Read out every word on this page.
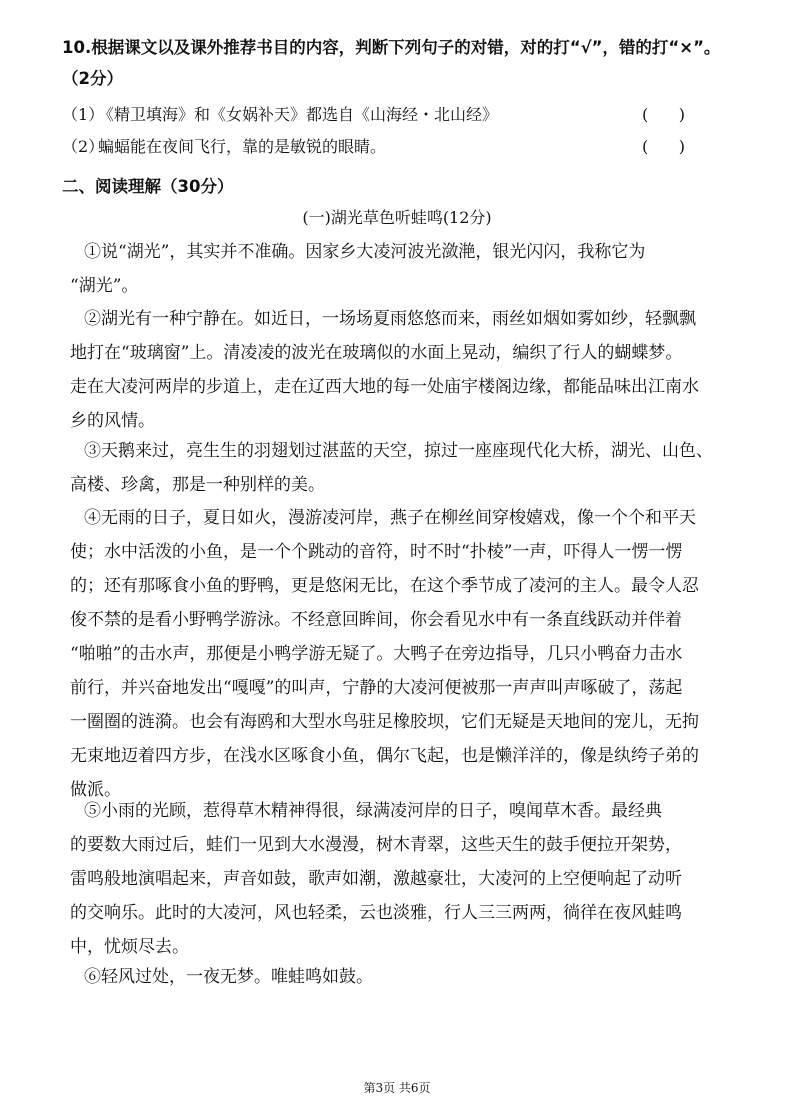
10.根据课文以及课外推荐书目的内容，判断下列句子的对错，对的打“√”，错的打“×”。
（2分）
（1）《精卫填海》和《女娲补天》都选自《山海经・北山经》	(      )
（2）蝙蝠能在夜间飞行，靠的是敏锐的眼睛。	(      )
二、阅读理解（30分）
(一)湖光草色听蛙鸣(12分)
①说“湖光”，其实并不准确。因家乡大凌河波光潋滟，银光闪闪，我称它为
“湖光”。
②湖光有一种宁静在。如近日，一场场夏雨悠悠而来，雨丝如烟如雾如纱，轻飘飘
地打在“玻璃窗”上。清凌凌的波光在玻璃似的水面上晃动，编织了行人的蝴蝶梦。
走在大凌河两岸的步道上，走在辽西大地的每一处庙宇楼阁边缘，都能品味出江南水
乡的风情。
③天鹅来过，亮生生的羽翅划过湛蓝的天空，掠过一座座现代化大桥，湖光、山色、
高楼、珍禽，那是一种别样的美。
④无雨的日子，夏日如火，漫游凌河岸，燕子在柳丝间穿梭嬉戏，像一个个和平天
使；水中活泼的小鱼，是一个个跳动的音符，时不时“扑棱”一声，吓得人一愣一愣
的；还有那啄食小鱼的野鸭，更是悠闲无比，在这个季节成了凌河的主人。最令人忍
俊不禁的是看小野鸭学游泳。不经意回眸间，你会看见水中有一条直线跃动并伴着
“啪啪”的击水声，那便是小鸭学游无疑了。大鸭子在旁边指导，几只小鸭奋力击水
前行，并兴奋地发出“嘎嘎”的叫声，宁静的大凌河便被那一声声叫声啄破了，荡起
一圈圈的涟漪。也会有海鸥和大型水鸟驻足橡胶坝，它们无疑是天地间的宠儿，无拘
无束地迈着四方步，在浅水区啄食小鱼，偶尔飞起，也是懒洋洋的，像是纨绔子弟的
做派。
⑤小雨的光顾，惹得草木精神得很，绿满凌河岸的日子，嗅闻草木香。最经典
的要数大雨过后，蛙们一见到大水漫漫，树木青翠，这些天生的鼓手便拉开架势，
雷鸣般地演唱起来，声音如鼓，歌声如潮，激越豪壮，大凌河的上空便响起了动听
的交响乐。此时的大凌河，风也轻柔，云也淡雅，行人三三两两，徜徉在夜风蛙鸣
中，忧烦尽去。
⑥轻风过处，一夜无梦。唯蛙鸣如鼓。
第3页 共6页
